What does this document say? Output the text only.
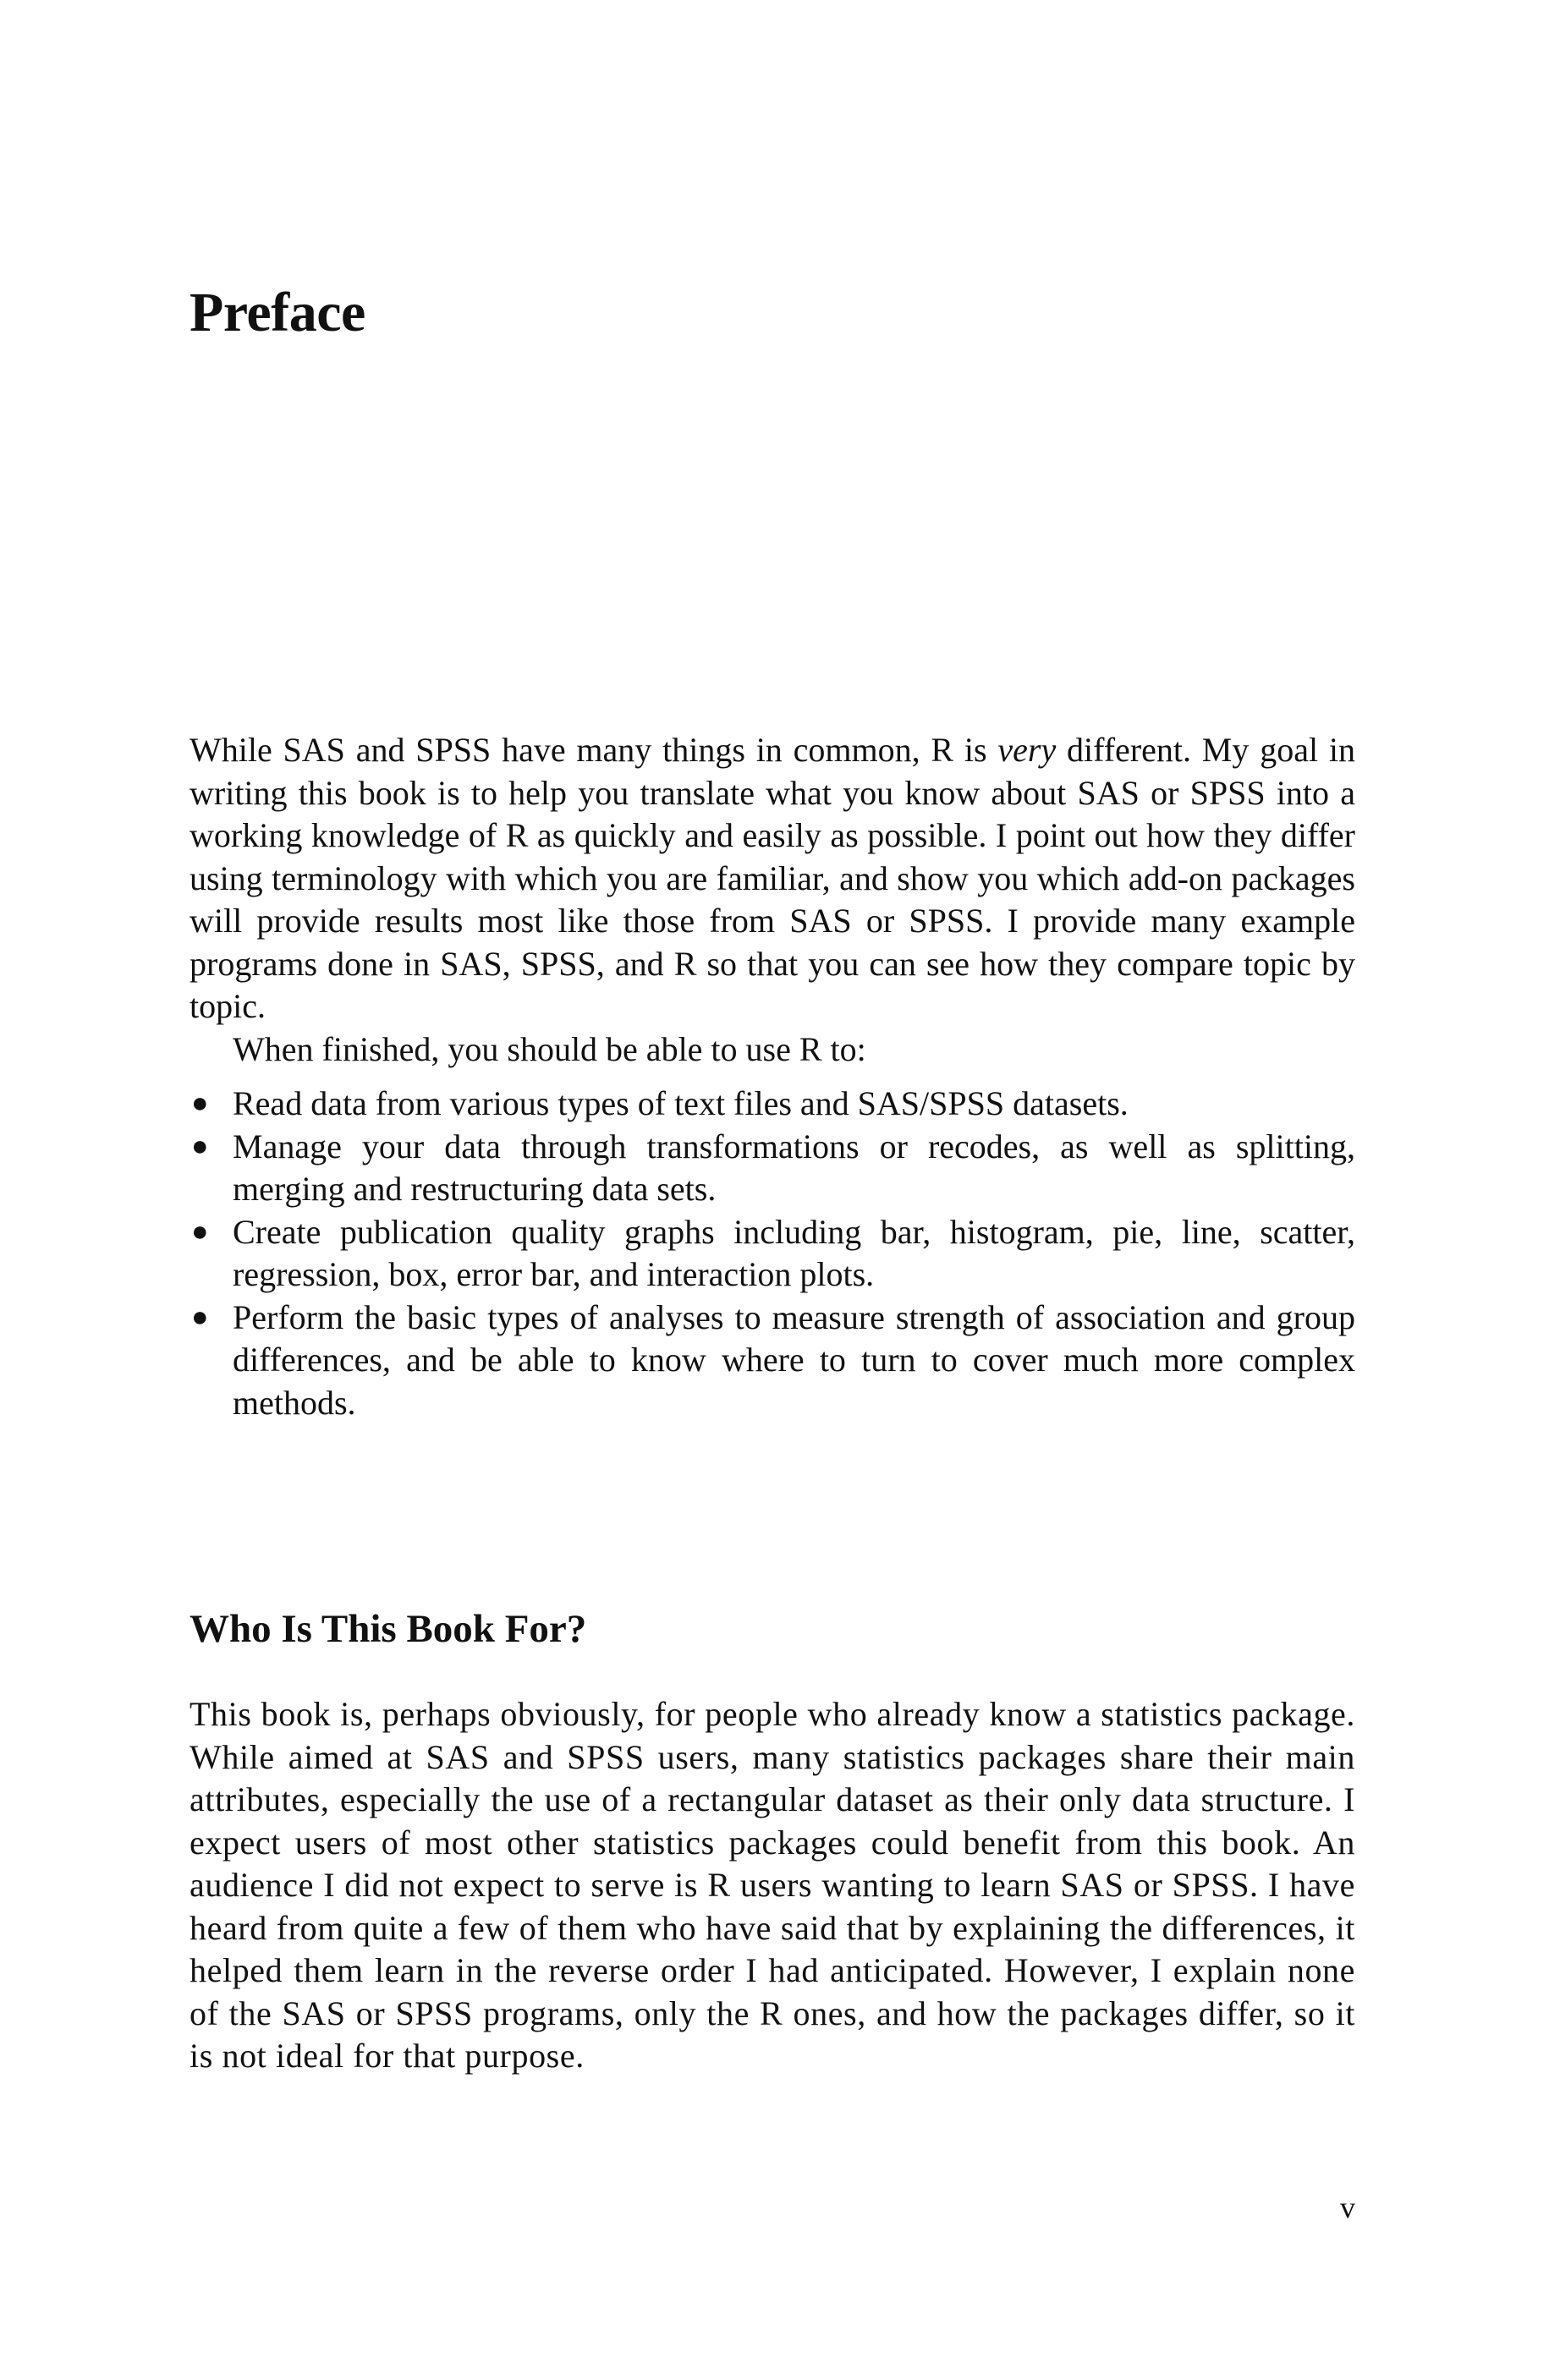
Preface

While SAS and SPSS have many things in common, R is very different. My goal in writing this book is to help you translate what you know about SAS or SPSS into a working knowledge of R as quickly and easily as possible. I point out how they differ using terminology with which you are familiar, and show you which add-on packages will provide results most like those from SAS or SPSS. I provide many example programs done in SAS, SPSS, and R so that you can see how they compare topic by topic.

When finished, you should be able to use R to:

● Read data from various types of text files and SAS/SPSS datasets.
● Manage your data through transformations or recodes, as well as splitting, merging and restructuring data sets.
● Create publication quality graphs including bar, histogram, pie, line, scatter, regression, box, error bar, and interaction plots.
● Perform the basic types of analyses to measure strength of association and group differences, and be able to know where to turn to cover much more complex methods.
Who Is This Book For?

This book is, perhaps obviously, for people who already know a statistics package. While aimed at SAS and SPSS users, many statistics packages share their main attributes, especially the use of a rectangular dataset as their only data structure. I expect users of most other statistics packages could benefit from this book. An audience I did not expect to serve is R users wanting to learn SAS or SPSS. I have heard from quite a few of them who have said that by explaining the differences, it helped them learn in the reverse order I had anticipated. However, I explain none of the SAS or SPSS programs, only the R ones, and how the packages differ, so it is not ideal for that purpose.

v
